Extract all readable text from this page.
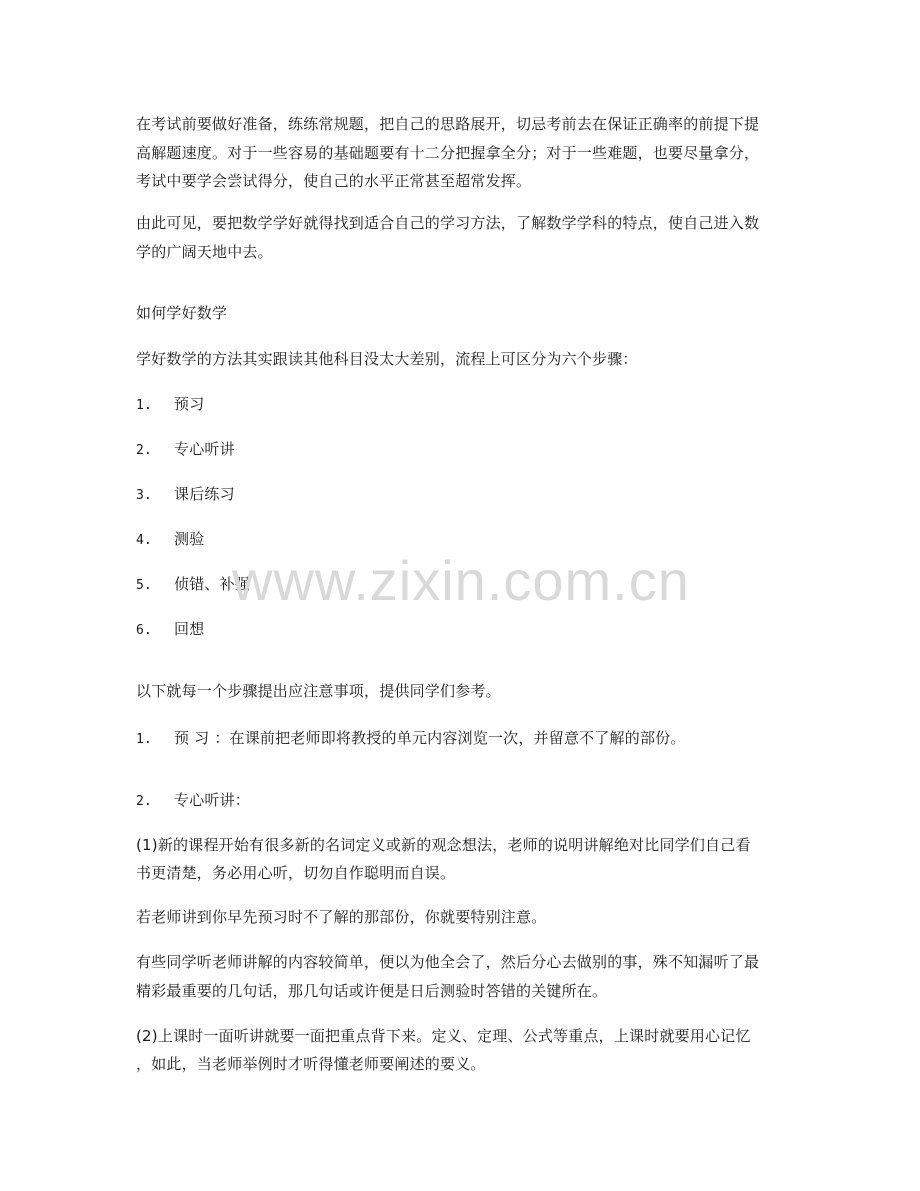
在考试前要做好准备，练练常规题，把自己的思路展开，切忌考前去在保证正确率的前提下提

高解题速度。对于一些容易的基础题要有十二分把握拿全分；对于一些难题，也要尽量拿分，

考试中要学会尝试得分，使自己的水平正常甚至超常发挥。

由此可见，要把数学学好就得找到适合自己的学习方法，了解数学学科的特点，使自己进入数

学的广阔天地中去。

如何学好数学

学好数学的方法其实跟读其他科目没太大差别，流程上可区分为六个步骤：

1. 预习

2. 专心听讲

3. 课后练习

4. 测验

5. 侦错、补强

6. 回想

以下就每一个步骤提出应注意事项，提供同学们参考。

1. 预 习 ：在课前把老师即将教授的单元内容浏览一次，并留意不了解的部份。

2. 专心听讲：

(1)新的课程开始有很多新的名词定义或新的观念想法，老师的说明讲解绝对比同学们自己看

书更清楚，务必用心听，切勿自作聪明而自误。

若老师讲到你早先预习时不了解的那部份，你就要特别注意。

有些同学听老师讲解的内容较简单，便以为他全会了，然后分心去做别的事，殊不知漏听了最

精彩最重要的几句话，那几句话或许便是日后测验时答错的关键所在。

(2)上课时一面听讲就要一面把重点背下来。定义、定理、公式等重点，上课时就要用心记忆

，如此，当老师举例时才听得懂老师要阐述的要义。

www.zixin.com.cn
